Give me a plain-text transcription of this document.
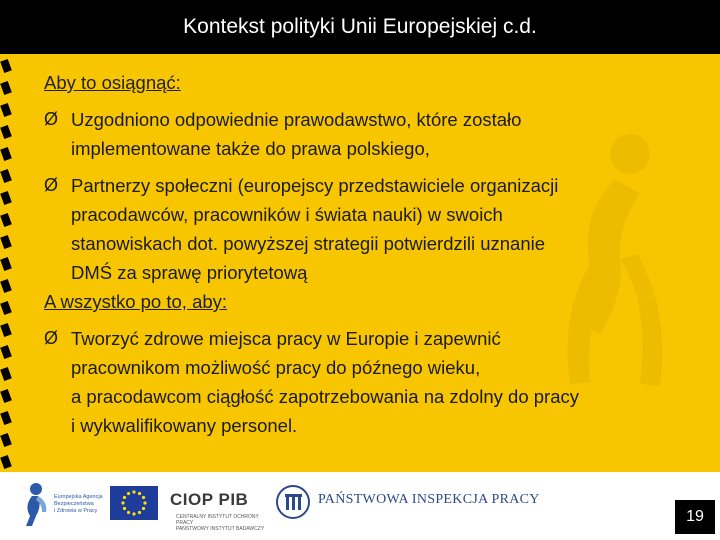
Kontekst polityki Unii Europejskiej c.d.
Aby to osiągnąć:
Ø Uzgodniono odpowiednie prawodawstwo, które zostało

implementowane także do prawa polskiego,

Ø Partnerzy społeczni (europejscy przedstawiciele organizacji

pracodawców, pracowników i świata nauki) w swoich

stanowiskach dot. powyższej strategii potwierdzili uznanie

DMŚ za sprawę priorytetową

A wszystko po to, aby:
Ø Tworzyć zdrowe miejsca pracy w Europie i zapewnić

pracownikom możliwość pracy do późnego wieku,

a pracodawcom ciągłość zapotrzebowania na zdolny do pracy

i wykwalifikowany personel.

Europejska Agencja
Bezpieczeństwa
i Zdrowia w Pracy
CIOP PIB
CENTRALNY INSTYTUT OCHRONY PRACY
PAŃSTWOWY INSTYTUT BADAWCZY
PAŃSTWOWA INSPEKCJA PRACY
19
